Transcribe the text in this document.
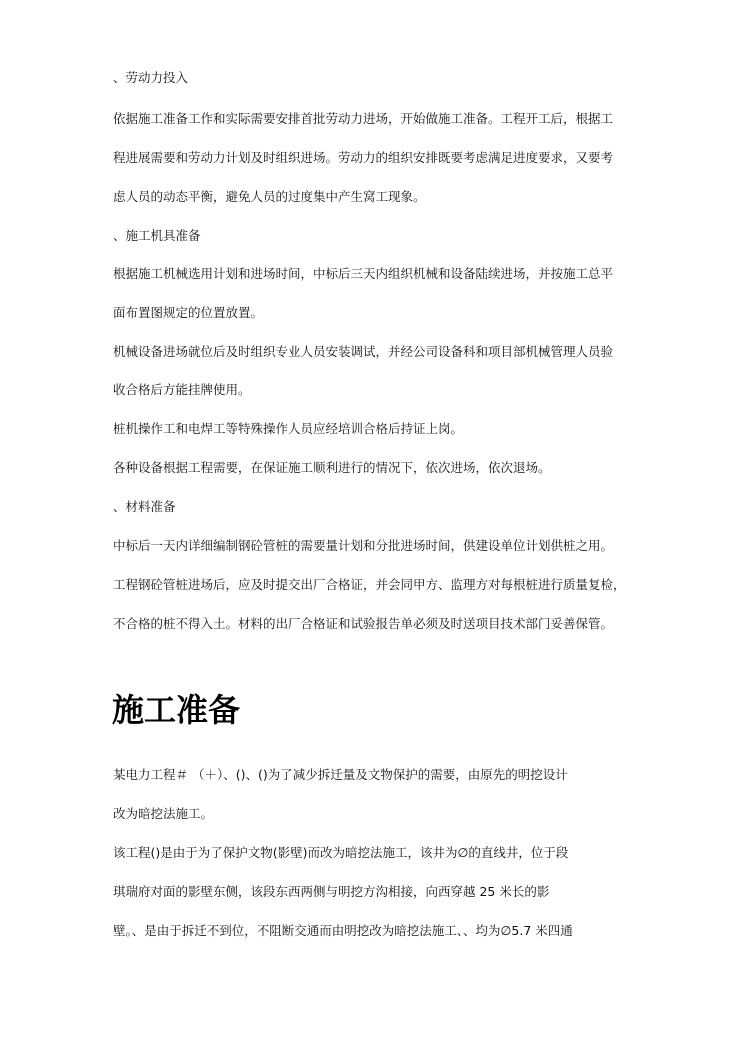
、劳动力投入

依据施工准备工作和实际需要安排首批劳动力进场，开始做施工准备。工程开工后，根据工

程进展需要和劳动力计划及时组织进场。劳动力的组织安排既要考虑满足进度要求，又要考

虑人员的动态平衡，避免人员的过度集中产生窝工现象。

、施工机具准备

根据施工机械选用计划和进场时间，中标后三天内组织机械和设备陆续进场，并按施工总平

面布置图规定的位置放置。

机械设备进场就位后及时组织专业人员安装调试，并经公司设备科和项目部机械管理人员验

收合格后方能挂牌使用。

桩机操作工和电焊工等特殊操作人员应经培训合格后持证上岗。

各种设备根据工程需要，在保证施工顺利进行的情况下，依次进场，依次退场。

、材料准备

中标后一天内详细编制钢砼管桩的需要量计划和分批进场时间，供建设单位计划供桩之用。

工程钢砼管桩进场后，应及时提交出厂合格证，并会同甲方、监理方对每根桩进行质量复检，

不合格的桩不得入土。材料的出厂合格证和试验报告单必须及时送项目技术部门妥善保管。

施工准备

某电力工程＃ （＋）、()、()为了减少拆迁量及文物保护的需要，由原先的明挖设计

改为暗挖法施工。

该工程()是由于为了保护文物(影壁)而改为暗挖法施工，该井为∅的直线井，位于段

琪瑞府对面的影壁东侧，该段东西两侧与明挖方沟相接，向西穿越 25 米长的影

壁。、是由于拆迁不到位，不阻断交通而由明挖改为暗挖法施工、、均为∅5.7 米四通
